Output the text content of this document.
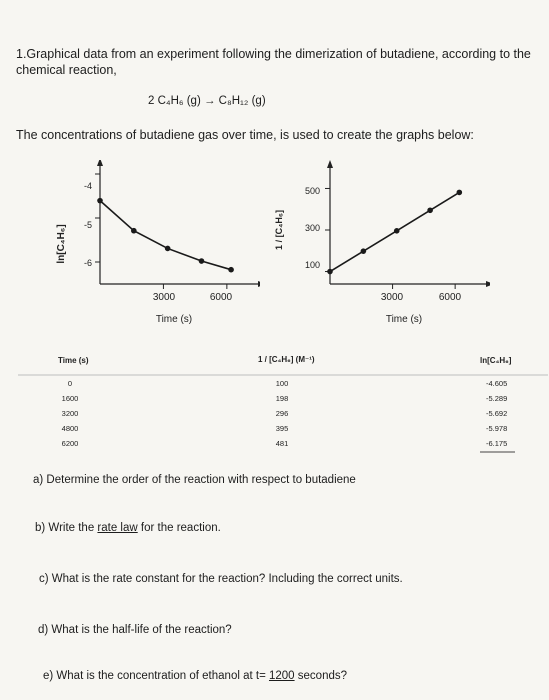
1.Graphical data from an experiment following the dimerization of butadiene, according to the chemical reaction,
2 C₄H₆ (g) → C₈H₁₂ (g)
The concentrations of butadiene gas over time, is used to create the graphs below:
ln[C₄H₆]
3000	6000
Time (s)
-4
-5
-6
1 / [C₄H₆]
3000	6000
Time (s)
500
300
100
Time (s)	1 / [C₄H₆] (M⁻¹)	ln[C₄H₆]
0	100	-4.605
1600	198	-5.289
3200	296	-5.692
4800	395	-5.978
6200	481	-6.175
a) Determine the order of the reaction with respect to butadiene
b) Write the rate law for the reaction.
c) What is the rate constant for the reaction? Including the correct units.
d) What is the half-life of the reaction?
e) What is the concentration of ethanol at t= 1200 seconds?
